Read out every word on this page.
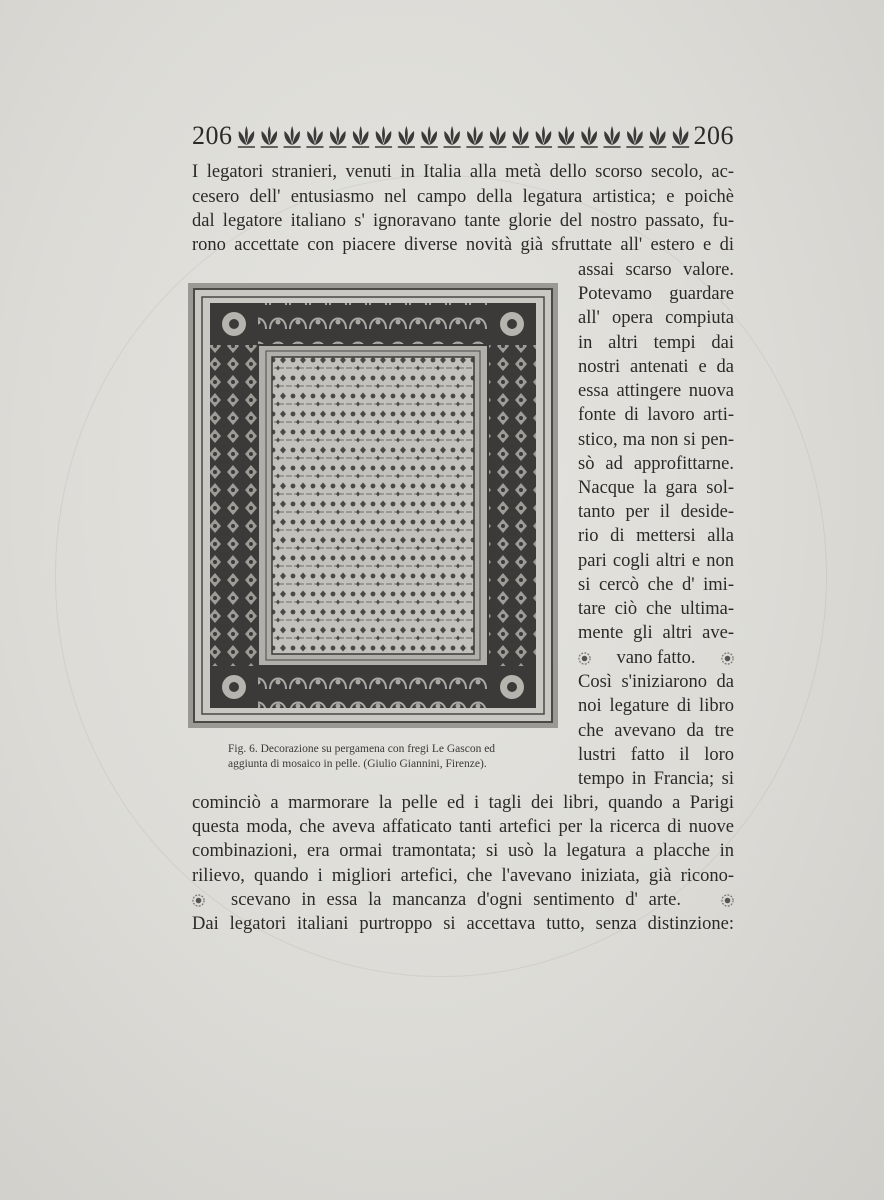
206	206
I legatori stranieri, venuti in Italia alla metà dello scorso secolo, ac-
cesero dell' entusiasmo nel campo della legatura artistica; e poichè
dal legatore italiano s' ignoravano tante glorie del nostro passato, fu-
rono accettate con piacere diverse novità già sfruttate all' estero e di
assai scarso valore.
Potevamo guardare
all' opera compiuta
in altri tempi dai
nostri antenati e da
essa attingere nuova
fonte di lavoro arti-
stico, ma non si pen-
sò ad approfittarne.
Nacque la gara sol-
tanto per il deside-
rio di mettersi alla
pari cogli altri e non
si cercò che d' imi-
tare ciò che ultima-
mente gli altri ave-
vano fatto.
Così s'iniziarono da
noi legature di libro
che avevano da tre
lustri fatto il loro
tempo in Francia; si
Fig. 6. Decorazione su pergamena con fregi Le Gascon ed
aggiunta di mosaico in pelle. (Giulio Giannini, Firenze).
cominciò a marmorare la pelle ed i tagli dei libri, quando a Parigi
questa moda, che aveva affaticato tanti artefici per la ricerca di nuove
combinazioni, era ormai tramontata; si usò la legatura a placche in
rilievo, quando i migliori artefici, che l'avevano iniziata, già ricono-
scevano in essa la mancanza d'ogni sentimento d' arte.
Dai legatori italiani purtroppo si accettava tutto, senza distinzione:
